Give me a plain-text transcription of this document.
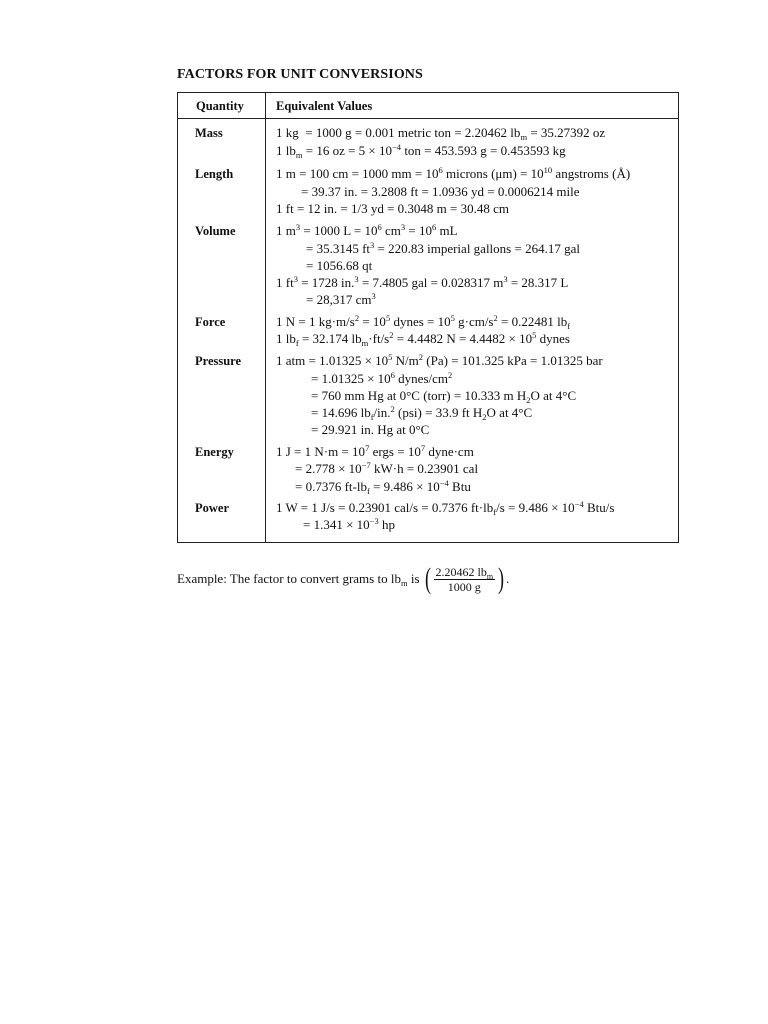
FACTORS FOR UNIT CONVERSIONS
Quantity	Equivalent Values
Mass	1 kg  = 1000 g = 0.001 metric ton = 2.20462 $lb_m = 35.27392$ oz
1 $lb_m = 16$ oz = $5 \times 10^{-4}$ ton = 453.593 g = 0.453593 kg
Length	1 m = 100 cm = 1000 mm = $10^6$ microns $(\mu m) = 10^{10}$ angstroms (Å)
= 39.37 in. = 3.2808 ft = 1.0936 yd = 0.0006214 mile
1 ft = 12 in. = 1/3 yd = 0.3048 m = 30.48 cm
Volume	1 $m^3 = 1000$ $L = 10^6$ $cm^3 = 10^6$ mL
= 35.3145 $ft^3 = 220.83$ imperial gallons = 264.17 gal
= 1056.68 qt
1 $ft^3 = 1728$ in.$^3$ = 7.4805 gal = 0.028317 $m^3 = 28.317$ L
= 28,317 $cm^3$
Force	1 N = 1 $kg\cdot m/s^2 = 10^5$ dynes = $10^5$ $g\cdot cm/s^2 = 0.22481$ $lb_f$
1 $lb_f = 32.174$ $lb_m\cdot ft/s^2 = 4.4482$ $N = 4.4482 \times 10^5$ dynes
Pressure	1 atm = $1.01325 \times 10^5$ $N/m^2$ (Pa) = 101.325 kPa = 1.01325 bar
= $1.01325 \times 10^6$ dynes/$cm^2$
= 760 mm Hg at 0°C (torr) = 10.333 m $H_2O$ at 4°C
= 14.696 $lb_f/in.^2$ (psi) = 33.9 ft $H_2O$ at 4°C
= 29.921 in. Hg at 0°C
Energy	1 J = 1 $N\cdot m = 10^7$ ergs = $10^7$ dyne·cm
= $2.778 \times 10^{-7}$ kW·h = 0.23901 cal
= 0.7376 $ft-lb_f = 9.486 \times 10^{-4}$ Btu
Power	1 W = 1 J/s = 0.23901 cal/s = 0.7376 $ft\cdot lb_f/s = 9.486 \times 10^{-4}$ Btu/s
= $1.341 \times 10^{-3}$ hp
Example: The factor to convert grams to $lb_m$ is ( $\frac{2.20462 lb_m}{1000 g}$ ) .
